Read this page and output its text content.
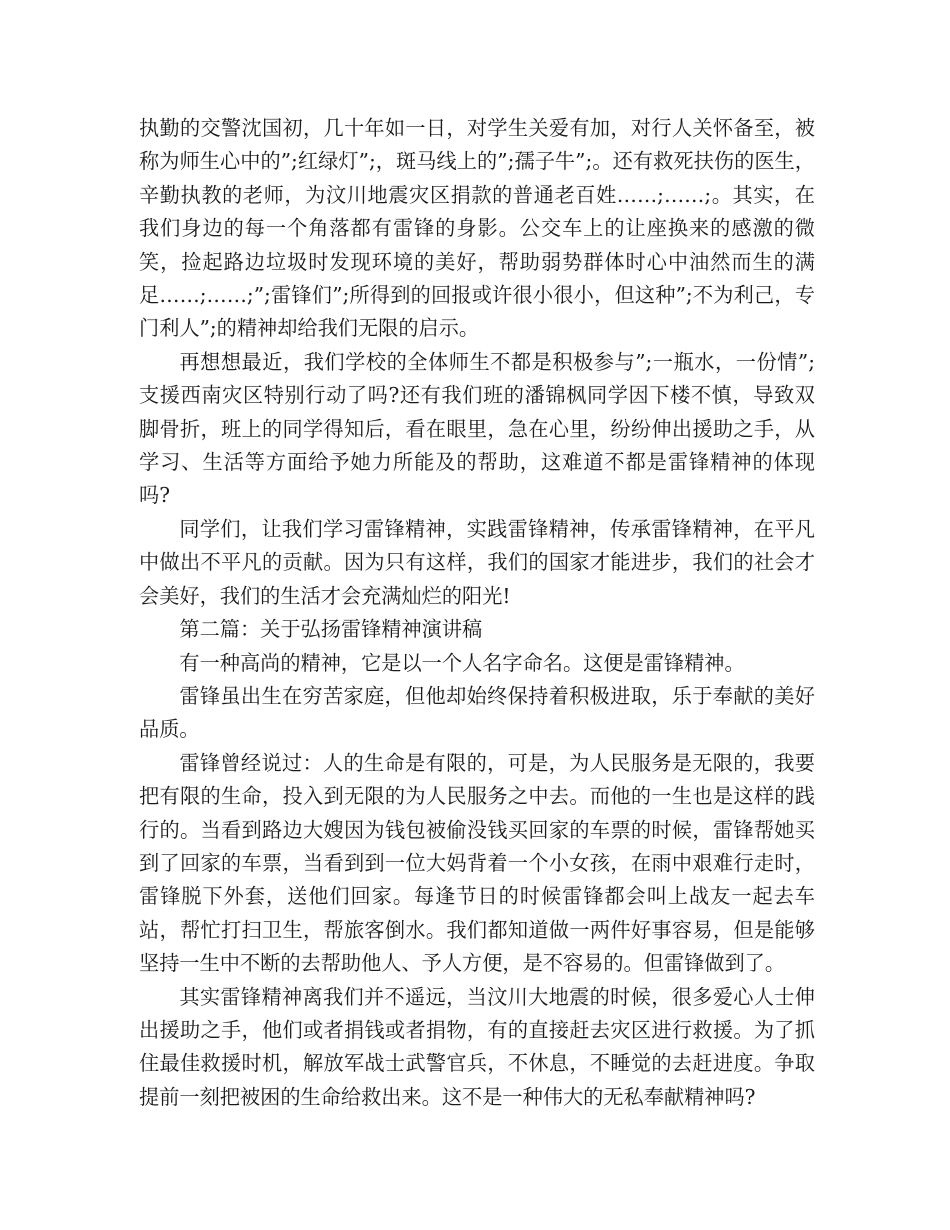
执勤的交警沈国初，几十年如一日，对学生关爱有加，对行人关怀备至，被称为师生心中的”;红绿灯”;，斑马线上的”;孺子牛”;。还有救死扶伤的医生，辛勤执教的老师，为汶川地震灾区捐款的普通老百姓……;……;。其实，在我们身边的每一个角落都有雷锋的身影。公交车上的让座换来的感激的微笑，捡起路边垃圾时发现环境的美好，帮助弱势群体时心中油然而生的满足……;……;”;雷锋们”;所得到的回报或许很小很小，但这种”;不为利己，专门利人”;的精神却给我们无限的启示。

再想想最近，我们学校的全体师生不都是积极参与”;一瓶水，一份情”;支援西南灾区特别行动了吗?还有我们班的潘锦枫同学因下楼不慎，导致双脚骨折，班上的同学得知后，看在眼里，急在心里，纷纷伸出援助之手，从学习、生活等方面给予她力所能及的帮助，这难道不都是雷锋精神的体现吗?

同学们，让我们学习雷锋精神，实践雷锋精神，传承雷锋精神，在平凡中做出不平凡的贡献。因为只有这样，我们的国家才能进步，我们的社会才会美好，我们的生活才会充满灿烂的阳光!

第二篇：关于弘扬雷锋精神演讲稿

有一种高尚的精神，它是以一个人名字命名。这便是雷锋精神。

雷锋虽出生在穷苦家庭，但他却始终保持着积极进取，乐于奉献的美好品质。

雷锋曾经说过：人的生命是有限的，可是，为人民服务是无限的，我要把有限的生命，投入到无限的为人民服务之中去。而他的一生也是这样的践行的。当看到路边大嫂因为钱包被偷没钱买回家的车票的时候，雷锋帮她买到了回家的车票，当看到到一位大妈背着一个小女孩，在雨中艰难行走时，雷锋脱下外套，送他们回家。每逢节日的时候雷锋都会叫上战友一起去车站，帮忙打扫卫生，帮旅客倒水。我们都知道做一两件好事容易，但是能够坚持一生中不断的去帮助他人、予人方便，是不容易的。但雷锋做到了。

其实雷锋精神离我们并不遥远，当汶川大地震的时候，很多爱心人士伸出援助之手，他们或者捐钱或者捐物，有的直接赶去灾区进行救援。为了抓住最佳救援时机，解放军战士武警官兵，不休息，不睡觉的去赶进度。争取提前一刻把被困的生命给救出来。这不是一种伟大的无私奉献精神吗?
